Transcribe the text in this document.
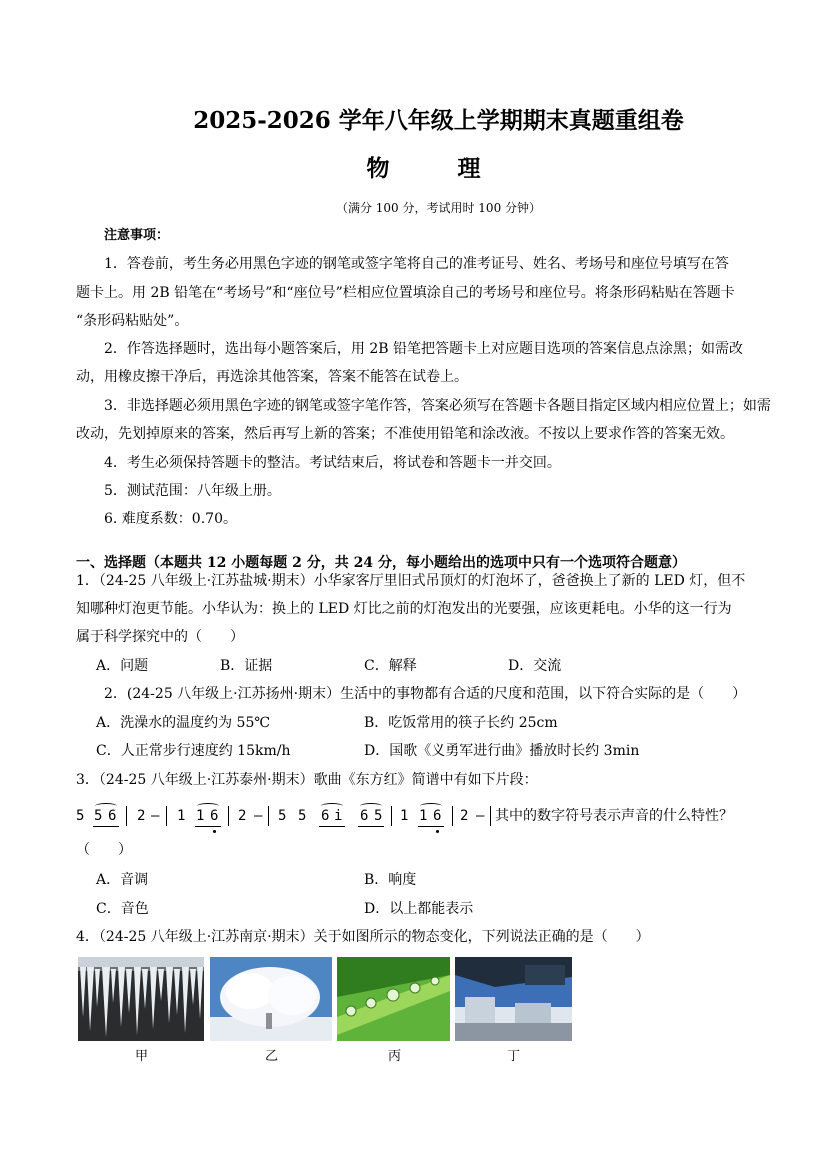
2025-2026 学年八年级上学期期末真题重组卷
物 理
（满分 100 分，考试用时 100 分钟）
注意事项：
1．答卷前，考生务必用黑色字迹的钢笔或签字笔将自己的准考证号、姓名、考场号和座位号填写在答
题卡上。用 2B 铅笔在“考场号”和“座位号”栏相应位置填涂自己的考场号和座位号。将条形码粘贴在答题卡
“条形码粘贴处”。
2．作答选择题时，选出每小题答案后，用 2B 铅笔把答题卡上对应题目选项的答案信息点涂黑；如需改
动，用橡皮擦干净后，再选涂其他答案，答案不能答在试卷上。
3．非选择题必须用黑色字迹的钢笔或签字笔作答，答案必须写在答题卡各题目指定区域内相应位置上；如需
改动，先划掉原来的答案，然后再写上新的答案；不准使用铅笔和涂改液。不按以上要求作答的答案无效。
4．考生必须保持答题卡的整洁。考试结束后，将试卷和答题卡一并交回。
5．测试范围：八年级上册。
6. 难度系数：0.70。
一、选择题（本题共 12 小题每题 2 分，共 24 分，每小题给出的选项中只有一个选项符合题意）
1．（24-25 八年级上·江苏盐城·期末）小华家客厅里旧式吊顶灯的灯泡坏了，爸爸换上了新的 LED 灯，但不
知哪种灯泡更节能。小华认为：换上的 LED 灯比之前的灯泡发出的光要强，应该更耗电。小华的这一行为
属于科学探究中的（　　）
A．问题	B．证据	C．解释	D．交流
2．(24-25 八年级上·江苏扬州·期末）生活中的事物都有合适的尺度和范围，以下符合实际的是（　　）
A．洗澡水的温度约为 55℃	B．吃饭常用的筷子长约 25cm
C．人正常步行速度约 15km/h	D．国歌《义勇军进行曲》播放时长约 3min
3．（24-25 八年级上·江苏泰州·期末）歌曲《东方红》简谱中有如下片段：
5 5 6 2 – 1 1 6 2 – 5 5 6 i 6 5 1 1 6 2 – 其中的数字符号表示声音的什么特性？
（　　）
A．音调	B．响度
C．音色	D．以上都能表示
4．（24-25 八年级上·江苏南京·期末）关于如图所示的物态变化，下列说法正确的是（　　）
甲	乙	丙	丁
